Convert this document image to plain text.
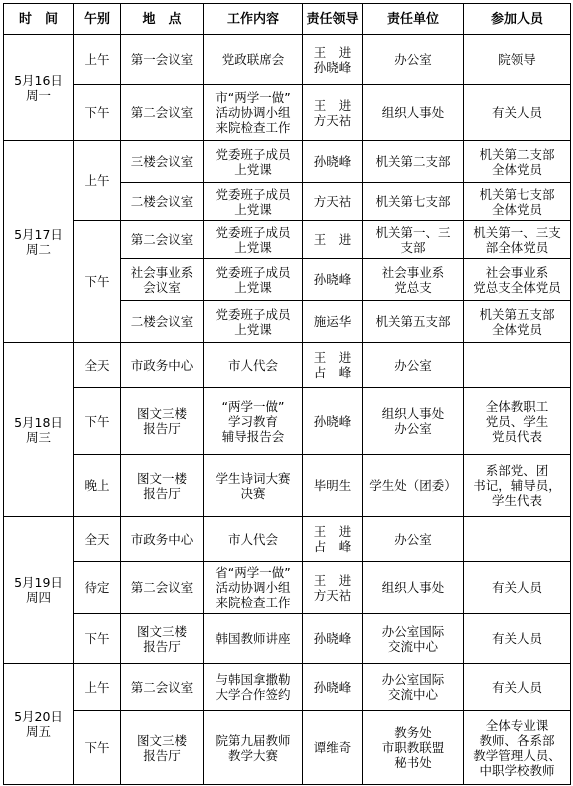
时　间	午别	地　点	工作内容	责任领导	责任单位	参加人员

5月16日
周一	上午	第一会议室	党政联席会	王　进
孙晓峰	办公室	院领导

	下午	第二会议室	市“两学一做”
活动协调小组
来院检查工作	王　进
方天祜	组织人事处	有关人员

5月17日
周二	上午	三楼会议室	党委班子成员
上党课	孙晓峰	机关第二支部	机关第二支部
全体党员

		二楼会议室	党委班子成员
上党课	方天祜	机关第七支部	机关第七支部
全体党员

	下午	第二会议室	党委班子成员
上党课	王　进	机关第一、三
支部	机关第一、三支
部全体党员

		社会事业系
会议室	党委班子成员
上党课	孙晓峰	社会事业系
党总支	社会事业系
党总支全体党员

		二楼会议室	党委班子成员
上党课	施运华	机关第五支部	机关第五支部
全体党员

5月18日
周三	全天	市政务中心	市人代会	王　进
占　峰	办公室	

	下午	图文三楼
报告厅	“两学一做”
学习教育
辅导报告会	孙晓峰	组织人事处
办公室	全体教职工
党员、学生
党员代表

	晚上	图文一楼
报告厅	学生诗词大赛
决赛	毕明生	学生处（团委）	系部党、团
书记，辅导员，
学生代表

5月19日
周四	全天	市政务中心	市人代会	王　进
占　峰	办公室	

	待定	第二会议室	省“两学一做”
活动协调小组
来院检查工作	王　进
方天祜	组织人事处	有关人员

	下午	图文三楼
报告厅	韩国教师讲座	孙晓峰	办公室国际
交流中心	有关人员

5月20日
周五	上午	第二会议室	与韩国拿撒勒
大学合作签约	孙晓峰	办公室国际
交流中心	有关人员

	下午	图文三楼
报告厅	院第九届教师
教学大赛	谭维奇	教务处
市职教联盟
秘书处	全体专业课
教师、各系部
教学管理人员、
中职学校教师
